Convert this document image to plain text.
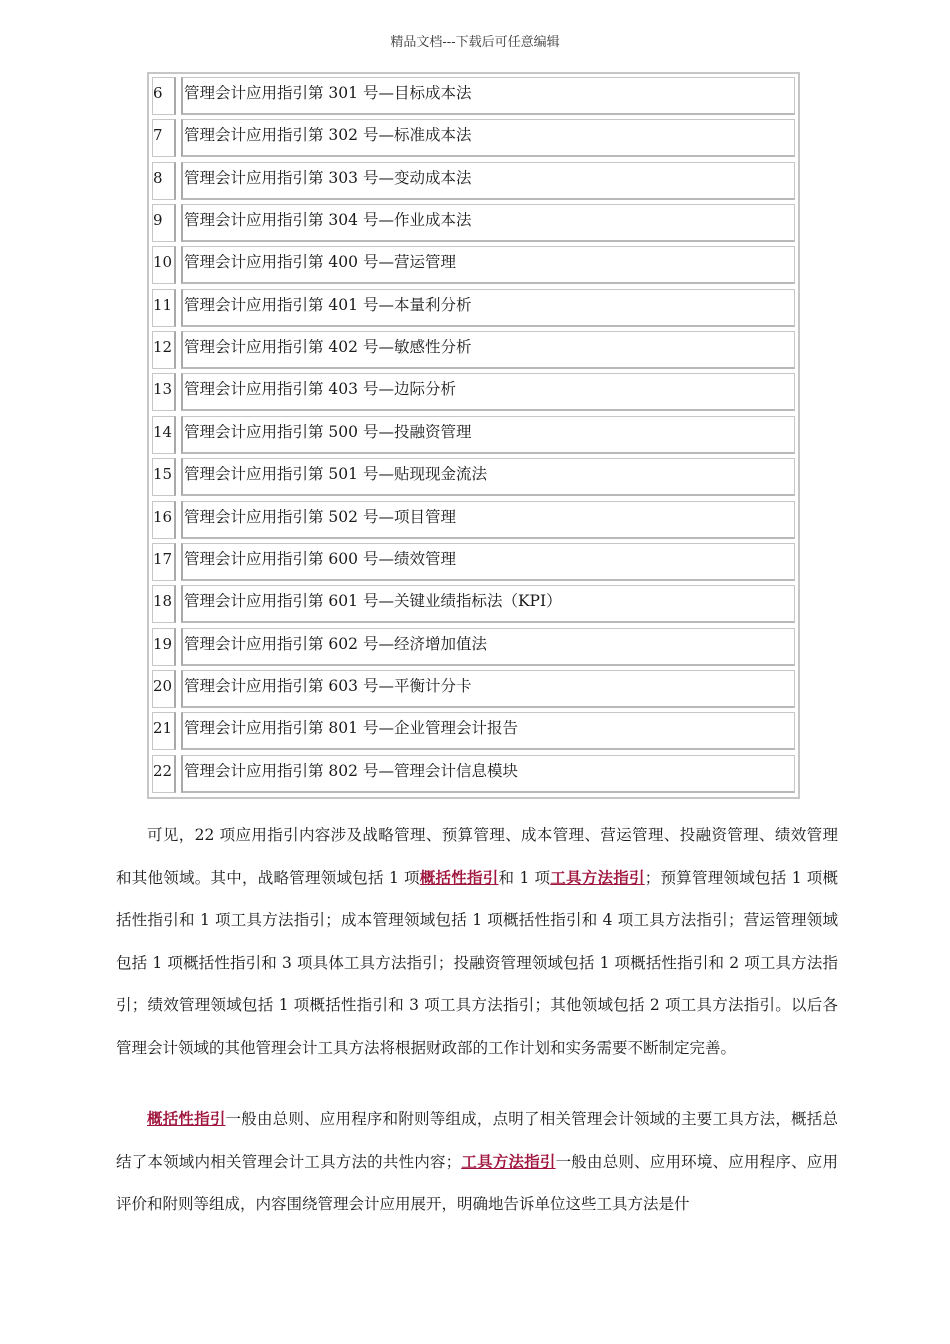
精品文档---下载后可任意编辑
6	管理会计应用指引第 301 号—目标成本法
7	管理会计应用指引第 302 号—标准成本法
8	管理会计应用指引第 303 号—变动成本法
9	管理会计应用指引第 304 号—作业成本法
10 管理会计应用指引第 400 号—营运管理
11 管理会计应用指引第 401 号—本量利分析
12 管理会计应用指引第 402 号—敏感性分析
13 管理会计应用指引第 403 号—边际分析
14 管理会计应用指引第 500 号—投融资管理
15 管理会计应用指引第 501 号—贴现现金流法
16 管理会计应用指引第 502 号—项目管理
17 管理会计应用指引第 600 号—绩效管理
18 管理会计应用指引第 601 号—关键业绩指标法（KPI）
19 管理会计应用指引第 602 号—经济增加值法
20 管理会计应用指引第 603 号—平衡计分卡
21 管理会计应用指引第 801 号—企业管理会计报告
22 管理会计应用指引第 802 号—管理会计信息模块
可见，22 项应用指引内容涉及战略管理、预算管理、成本管理、营运管理、投融资管理、绩效管理和其他领域。其中，战略管理领域包括 1 项概括性指引和 1 项工具方法指引；预算管理领域包括 1 项概括性指引和 1 项工具方法指引；成本管理领域包括 1 项概括性指引和 4 项工具方法指引；营运管理领域包括 1 项概括性指引和 3 项具体工具方法指引；投融资管理领域包括 1 项概括性指引和 2 项工具方法指引；绩效管理领域包括 1 项概括性指引和 3 项工具方法指引；其他领域包括 2 项工具方法指引。以后各管理会计领域的其他管理会计工具方法将根据财政部的工作计划和实务需要不断制定完善。
概括性指引一般由总则、应用程序和附则等组成，点明了相关管理会计领域的主要工具方法，概括总结了本领域内相关管理会计工具方法的共性内容；工具方法指引一般由总则、应用环境、应用程序、应用评价和附则等组成，内容围绕管理会计应用展开，明确地告诉单位这些工具方法是什
